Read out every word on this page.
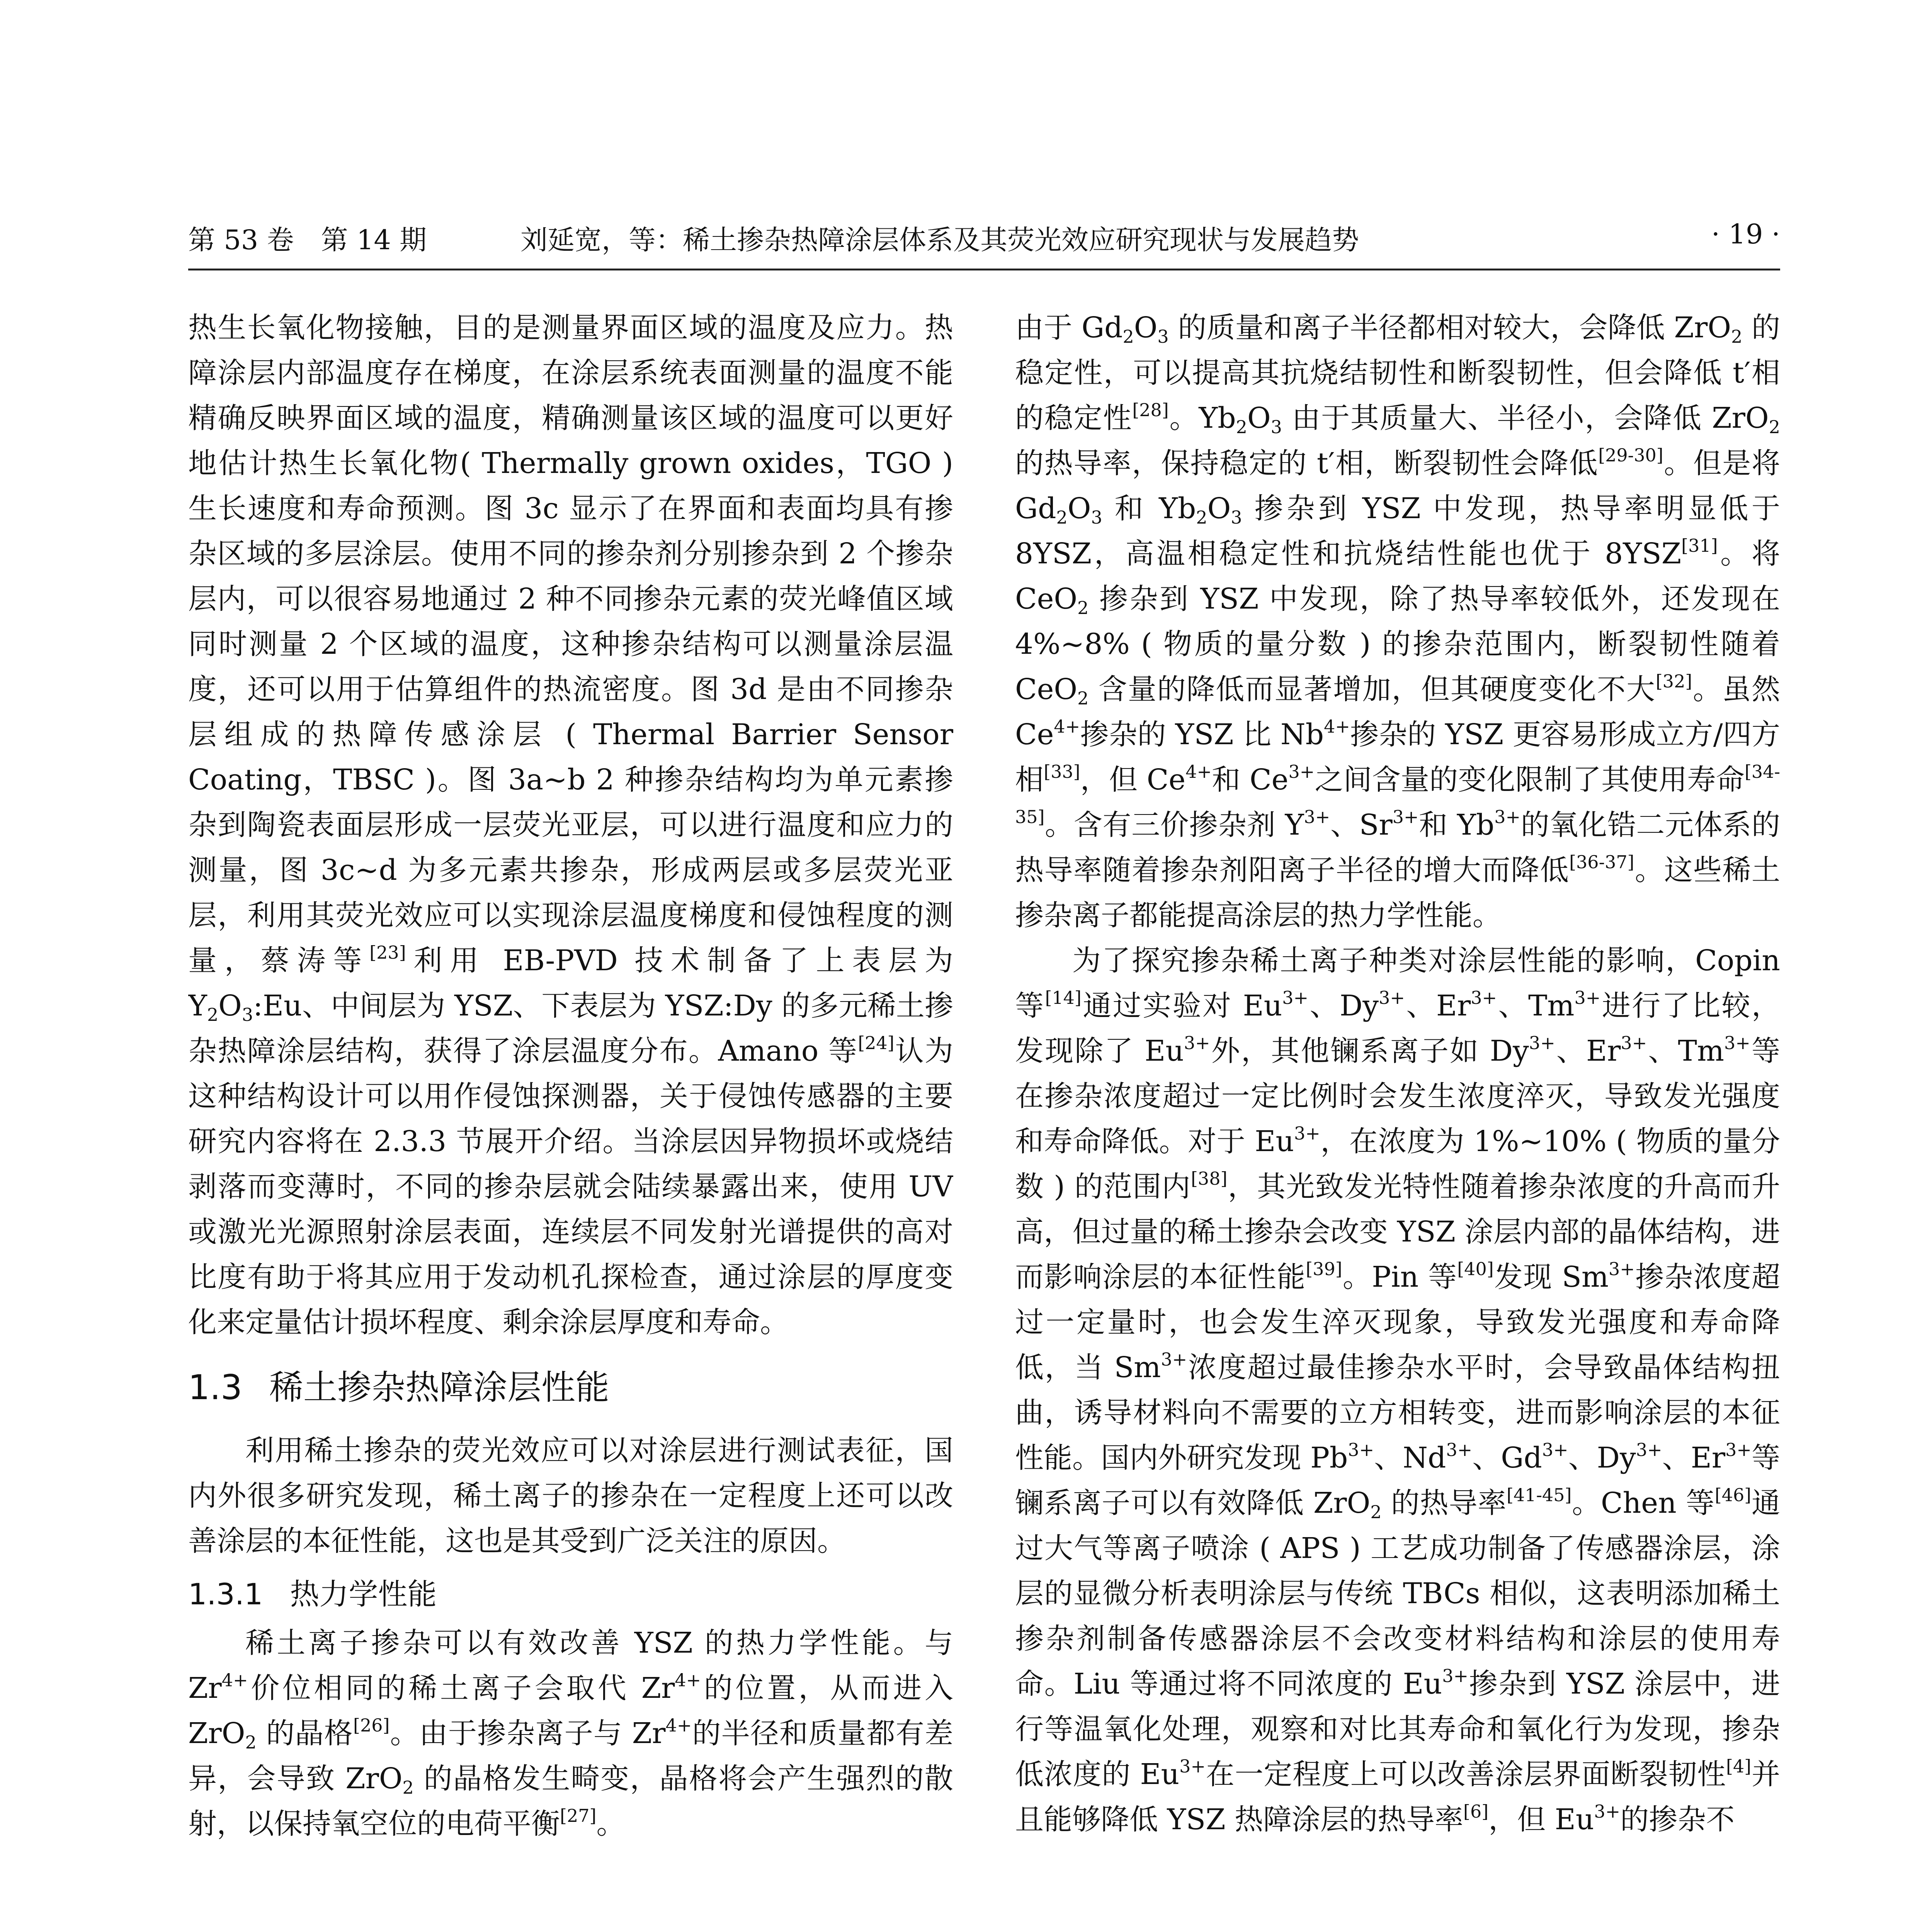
第 53 卷　第 14 期	刘延宽，等：稀土掺杂热障涂层体系及其荧光效应研究现状与发展趋势	· 19 ·

热生长氧化物接触，目的是测量界面区域的温度及应力。热障涂层内部温度存在梯度，在涂层系统表面测量的温度不能精确反映界面区域的温度，精确测量该区域的温度可以更好地估计热生长氧化物( Thermally grown oxides，TGO ) 生长速度和寿命预测。图 3c 显示了在界面和表面均具有掺杂区域的多层涂层。使用不同的掺杂剂分别掺杂到 2 个掺杂层内，可以很容易地通过 2 种不同掺杂元素的荧光峰值区域同时测量 2 个区域的温度，这种掺杂结构可以测量涂层温度，还可以用于估算组件的热流密度。图 3d 是由不同掺杂层组成的热障传感涂层 ( Thermal Barrier Sensor Coating，TBSC )。图 3a~b 2 种掺杂结构均为单元素掺杂到陶瓷表面层形成一层荧光亚层，可以进行温度和应力的测量，图 3c~d 为多元素共掺杂，形成两层或多层荧光亚层，利用其荧光效应可以实现涂层温度梯度和侵蚀程度的测量，蔡涛等[23]利用 EB-PVD 技术制备了上表层为 $Y_2O_3:Eu$、中间层为 YSZ、下表层为 YSZ:Dy 的多元稀土掺杂热障涂层结构，获得了涂层温度分布。Amano 等[24]认为这种结构设计可以用作侵蚀探测器，关于侵蚀传感器的主要研究内容将在 2.3.3 节展开介绍。当涂层因异物损坏或烧结剥落而变薄时，不同的掺杂层就会陆续暴露出来，使用 UV 或激光光源照射涂层表面，连续层不同发射光谱提供的高对比度有助于将其应用于发动机孔探检查，通过涂层的厚度变化来定量估计损坏程度、剩余涂层厚度和寿命。

1.3 稀土掺杂热障涂层性能

利用稀土掺杂的荧光效应可以对涂层进行测试表征，国内外很多研究发现，稀土离子的掺杂在一定程度上还可以改善涂层的本征性能，这也是其受到广泛关注的原因。

1.3.1 热力学性能

稀土离子掺杂可以有效改善 YSZ 的热力学性能。与 $Zr^{4+}$价位相同的稀土离子会取代 $Zr^{4+}$的位置，从而进入 ZrO$_2$ 的晶格[26]。由于掺杂离子与 $Zr^{4+}$的半径和质量都有差异，会导致 ZrO$_2$ 的晶格发生畸变，晶格将会产生强烈的散射，以保持氧空位的电荷平衡[27]。

由于 $Gd_2O_3$ 的质量和离子半径都相对较大，会降低 ZrO$_2$ 的稳定性，可以提高其抗烧结韧性和断裂韧性，但会降低 t′相的稳定性[28]。$Yb_2O_3$ 由于其质量大、半径小，会降低 ZrO$_2$ 的热导率，保持稳定的 t′相，断裂韧性会降低[29-30]。但是将 $Gd_2O_3$ 和 $Yb_2O_3$ 掺杂到 YSZ 中发现，热导率明显低于 8YSZ，高温相稳定性和抗烧结性能也优于 8YSZ[31]。将 CeO$_2$ 掺杂到 YSZ 中发现，除了热导率较低外，还发现在 4%~8% ( 物质的量分数 ) 的掺杂范围内，断裂韧性随着 CeO$_2$ 含量的降低而显著增加，但其硬度变化不大[32]。虽然 $Ce^{4+}$掺杂的 YSZ 比 $Nb^{4+}$掺杂的 YSZ 更容易形成立方/四方相[33]，但 $Ce^{4+}$和 $Ce^{3+}$之间含量的变化限制了其使用寿命[34-35]。含有三价掺杂剂 $Y^{3+}$、$Sr^{3+}$和 $Yb^{3+}$的氧化锆二元体系的热导率随着掺杂剂阳离子半径的增大而降低[36-37]。这些稀土掺杂离子都能提高涂层的热力学性能。

为了探究掺杂稀土离子种类对涂层性能的影响，Copin 等[14]通过实验对 $Eu^{3+}$、$Dy^{3+}$、$Er^{3+}$、$Tm^{3+}$进行了比较，发现除了 $Eu^{3+}$外，其他镧系离子如 $Dy^{3+}$、$Er^{3+}$、$Tm^{3+}$等在掺杂浓度超过一定比例时会发生浓度淬灭，导致发光强度和寿命降低。对于 $Eu^{3+}$，在浓度为 1%~10% ( 物质的量分数 ) 的范围内[38]，其光致发光特性随着掺杂浓度的升高而升高，但过量的稀土掺杂会改变 YSZ 涂层内部的晶体结构，进而影响涂层的本征性能[39]。Pin 等[40]发现 $Sm^{3+}$掺杂浓度超过一定量时，也会发生淬灭现象，导致发光强度和寿命降低，当 $Sm^{3+}$浓度超过最佳掺杂水平时，会导致晶体结构扭曲，诱导材料向不需要的立方相转变，进而影响涂层的本征性能。国内外研究发现 $Pb^{3+}$、$Nd^{3+}$、$Gd^{3+}$、$Dy^{3+}$、$Er^{3+}$等镧系离子可以有效降低 ZrO$_2$ 的热导率[41-45]。Chen 等[46]通过大气等离子喷涂 ( APS ) 工艺成功制备了传感器涂层，涂层的显微分析表明涂层与传统 TBCs 相似，这表明添加稀土掺杂剂制备传感器涂层不会改变材料结构和涂层的使用寿命。Liu 等通过将不同浓度的 $Eu^{3+}$掺杂到 YSZ 涂层中，进行等温氧化处理，观察和对比其寿命和氧化行为发现，掺杂低浓度的 $Eu^{3+}$在一定程度上可以改善涂层界面断裂韧性[4]并且能够降低 YSZ 热障涂层的热导率[6]，但 $Eu^{3+}$的掺杂不
